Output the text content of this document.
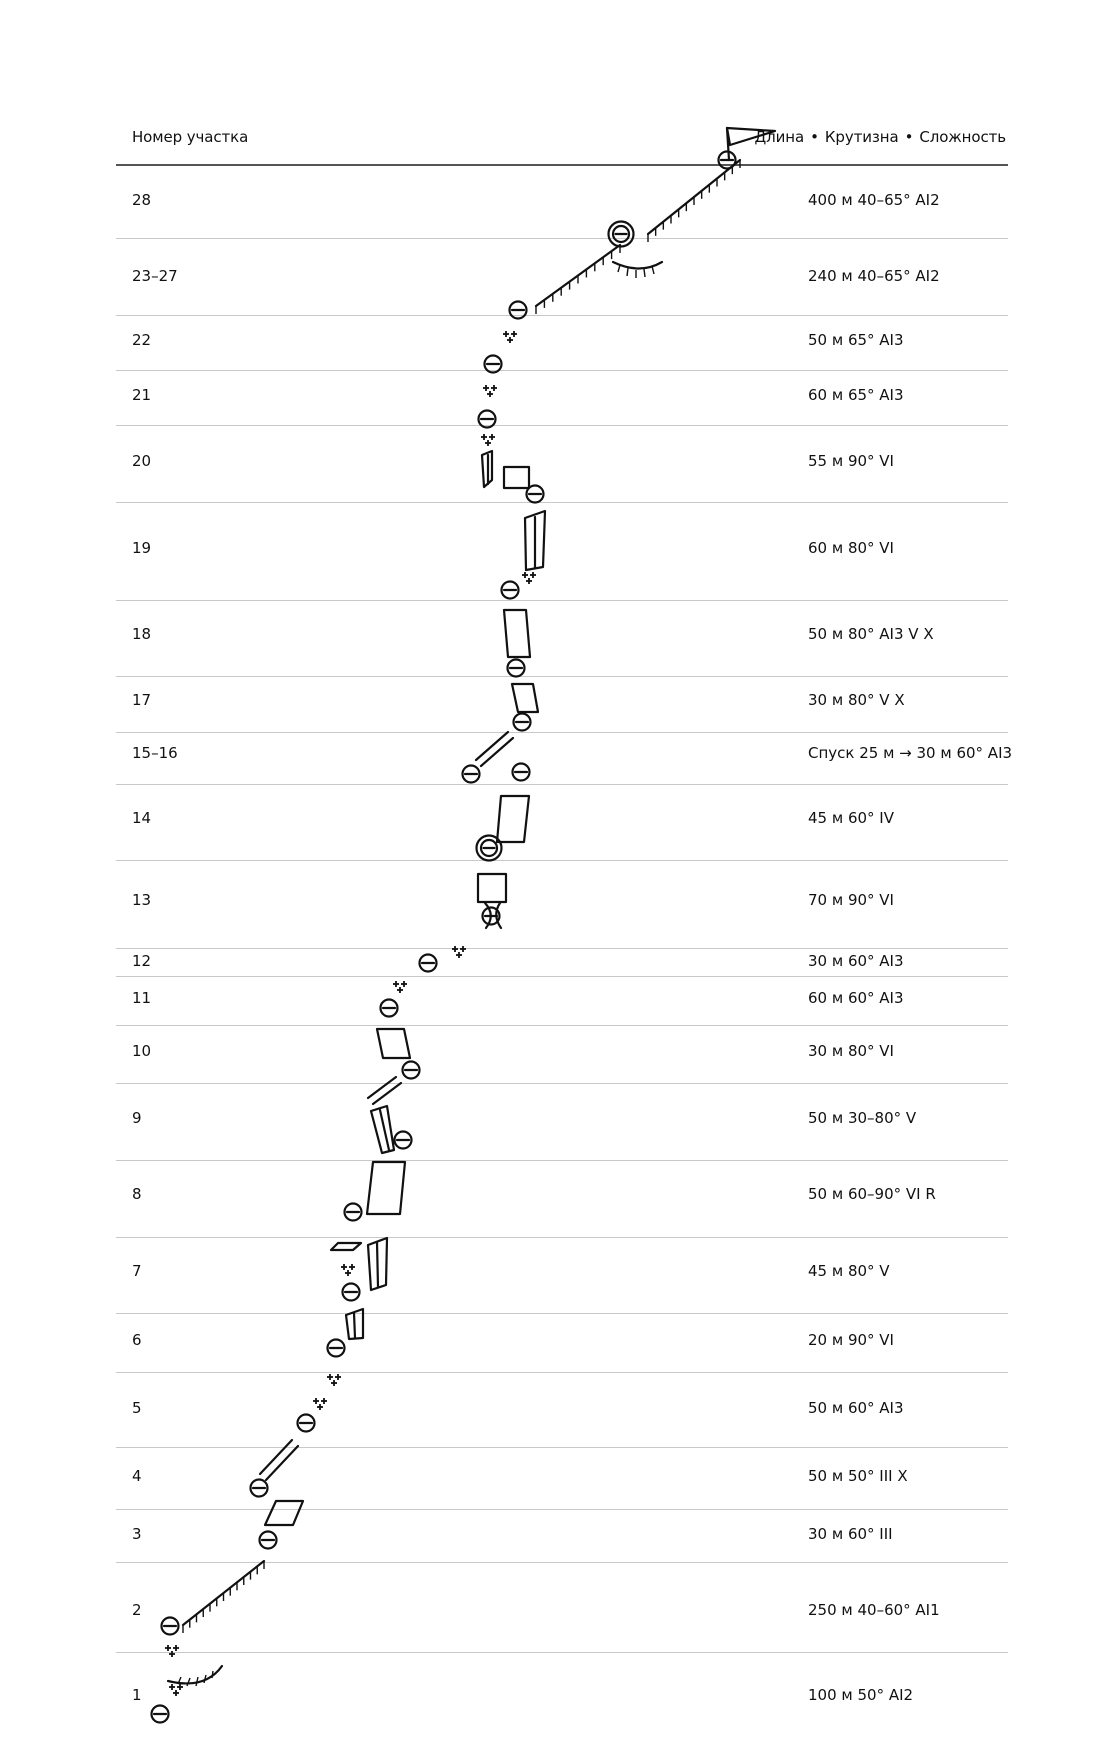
Номер участка	Длина • Крутизна • Сложность
28	400 м 40–65° AI2
23–27	240 м 40–65° AI2
22	50 м 65° AI3
21	60 м 65° AI3
20	55 м 90° VI
19	60 м 80° VI
18	50 м 80° AI3 V X
17	30 м 80° V X
15–16	Спуск 25 м → 30 м 60° AI3
14	45 м 60° IV
13	70 м 90° VI
12	30 м 60° AI3
11	60 м 60° AI3
10	30 м 80° VI
9	50 м 30–80° V
8	50 м 60–90° VI R
7	45 м 80° V
6	20 м 90° VI
5	50 м 60° AI3
4	50 м 50° III X
3	30 м 60° III
2	250 м 40–60° AI1
1	100 м 50° AI2
